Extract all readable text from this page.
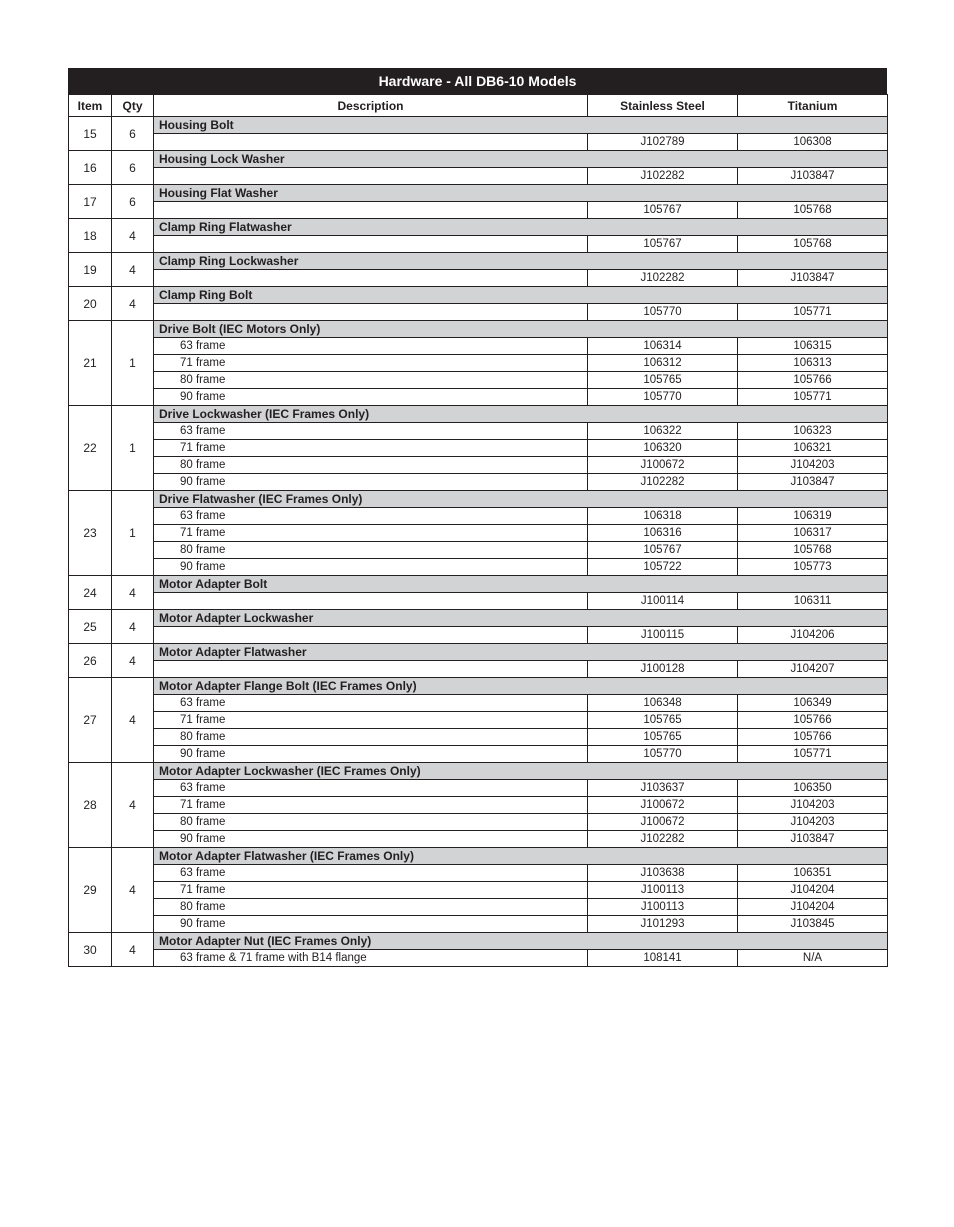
Hardware - All DB6-10 Models
Item	Qty	Description	Stainless Steel	Titanium
15	6	Housing Bolt		
			J102789	106308
16	6	Housing Lock Washer		
			J102282	J103847
17	6	Housing Flat Washer		
			105767	105768
18	4	Clamp Ring Flatwasher		
			105767	105768
19	4	Clamp Ring Lockwasher		
			J102282	J103847
20	4	Clamp Ring Bolt		
			105770	105771
21	1	Drive Bolt (IEC Motors Only)		
		63 frame	106314	106315
		71 frame	106312	106313
		80 frame	105765	105766
		90 frame	105770	105771
22	1	Drive Lockwasher (IEC Frames Only)		
		63 frame	106322	106323
		71 frame	106320	106321
		80 frame	J100672	J104203
		90 frame	J102282	J103847
23	1	Drive Flatwasher (IEC Frames Only)		
		63 frame	106318	106319
		71 frame	106316	106317
		80 frame	105767	105768
		90 frame	105722	105773
24	4	Motor Adapter Bolt		
			J100114	106311
25	4	Motor Adapter Lockwasher		
			J100115	J104206
26	4	Motor Adapter Flatwasher		
			J100128	J104207
27	4	Motor Adapter Flange Bolt (IEC Frames Only)		
		63 frame	106348	106349
		71 frame	105765	105766
		80 frame	105765	105766
		90 frame	105770	105771
28	4	Motor Adapter Lockwasher (IEC Frames Only)		
		63 frame	J103637	106350
		71 frame	J100672	J104203
		80 frame	J100672	J104203
		90 frame	J102282	J103847
29	4	Motor Adapter Flatwasher (IEC Frames Only)		
		63 frame	J103638	106351
		71 frame	J100113	J104204
		80 frame	J100113	J104204
		90 frame	J101293	J103845
30	4	Motor Adapter Nut (IEC Frames Only)		
		63 frame & 71 frame with B14 flange	108141	N/A
